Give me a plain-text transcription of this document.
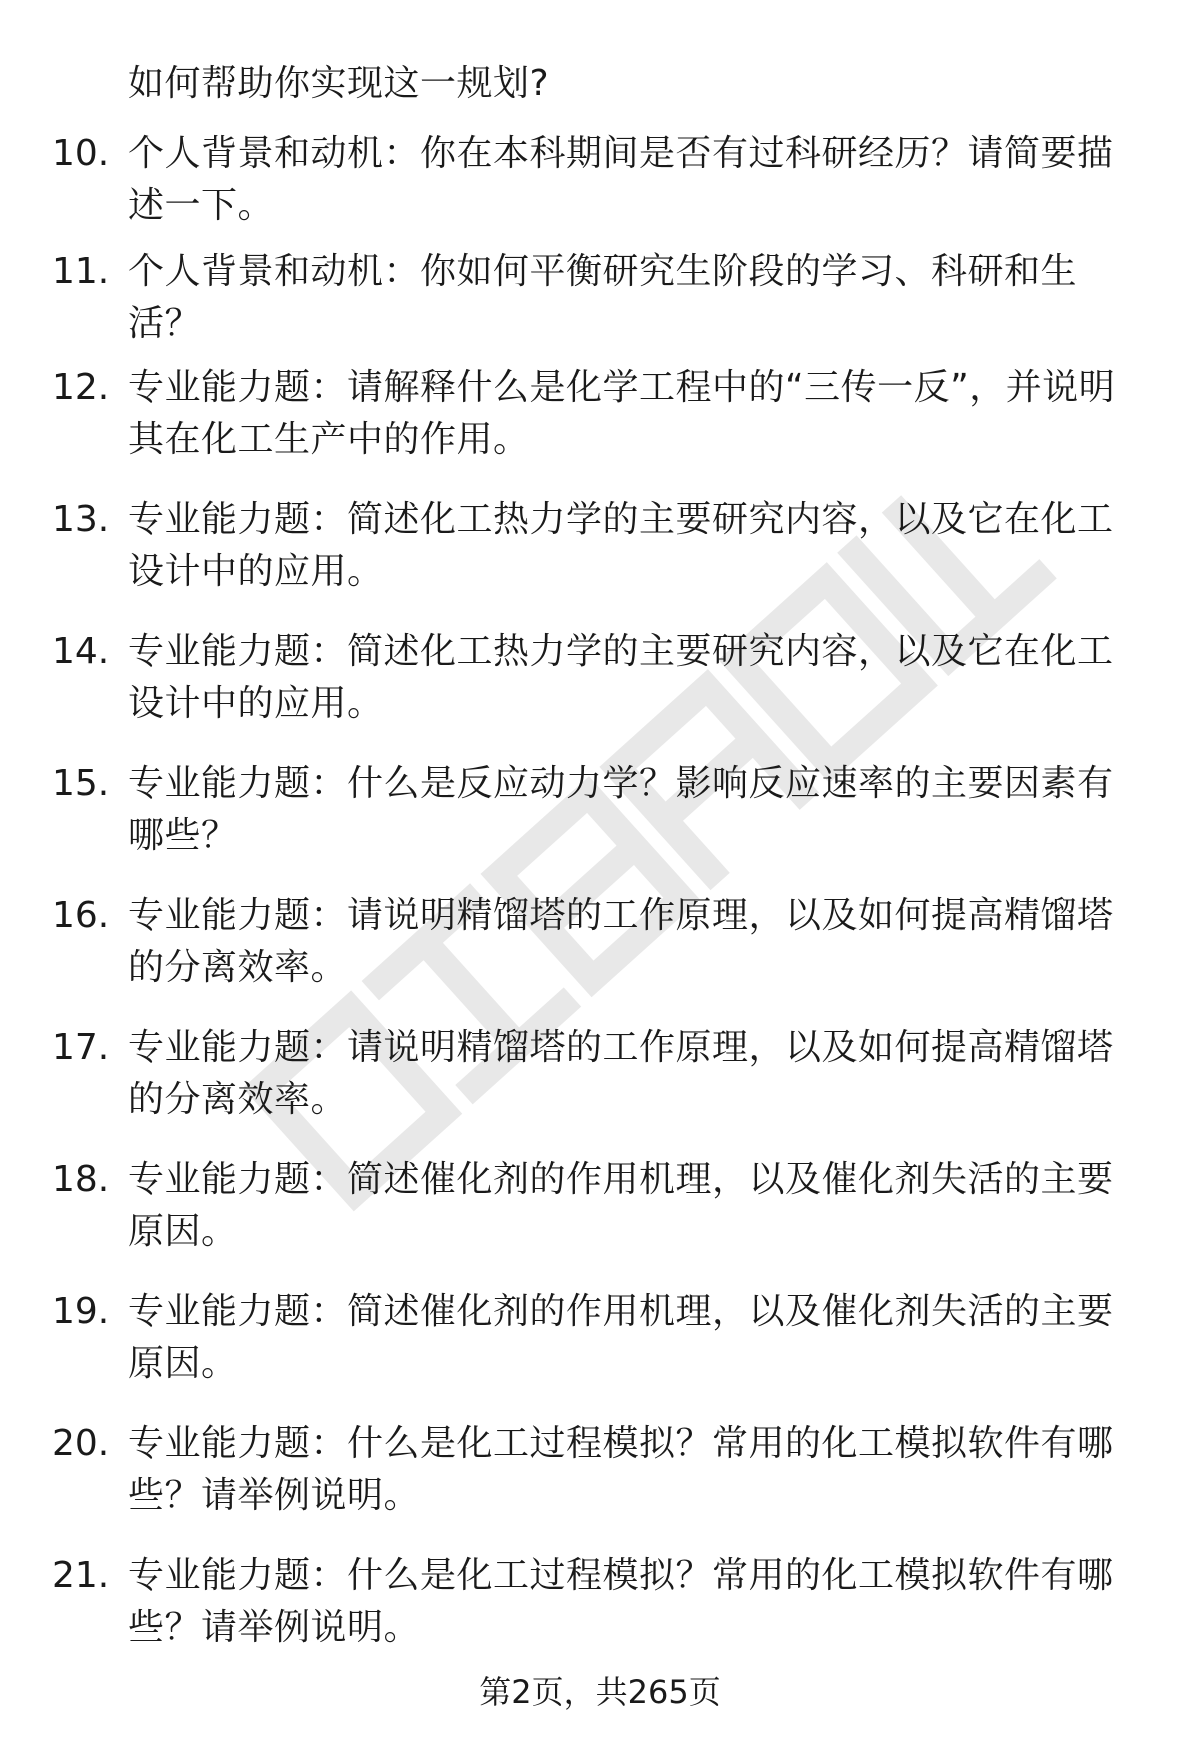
如何帮助你实现这一规划?
10. 个人背景和动机：你在本科期间是否有过科研经历？请简要描述一下。
11. 个人背景和动机：你如何平衡研究生阶段的学习、科研和生活？
12. 专业能力题：请解释什么是化学工程中的“三传一反”，并说明其在化工生产中的作用。
13. 专业能力题：简述化工热力学的主要研究内容，以及它在化工设计中的应用。
14. 专业能力题：简述化工热力学的主要研究内容，以及它在化工设计中的应用。
15. 专业能力题：什么是反应动力学？影响反应速率的主要因素有哪些？
16. 专业能力题：请说明精馏塔的工作原理，以及如何提高精馏塔的分离效率。
17. 专业能力题：请说明精馏塔的工作原理，以及如何提高精馏塔的分离效率。
18. 专业能力题：简述催化剂的作用机理，以及催化剂失活的主要原因。
19. 专业能力题：简述催化剂的作用机理，以及催化剂失活的主要原因。
20. 专业能力题：什么是化工过程模拟？常用的化工模拟软件有哪些？请举例说明。
21. 专业能力题：什么是化工过程模拟？常用的化工模拟软件有哪些？请举例说明。
第2页，共265页
